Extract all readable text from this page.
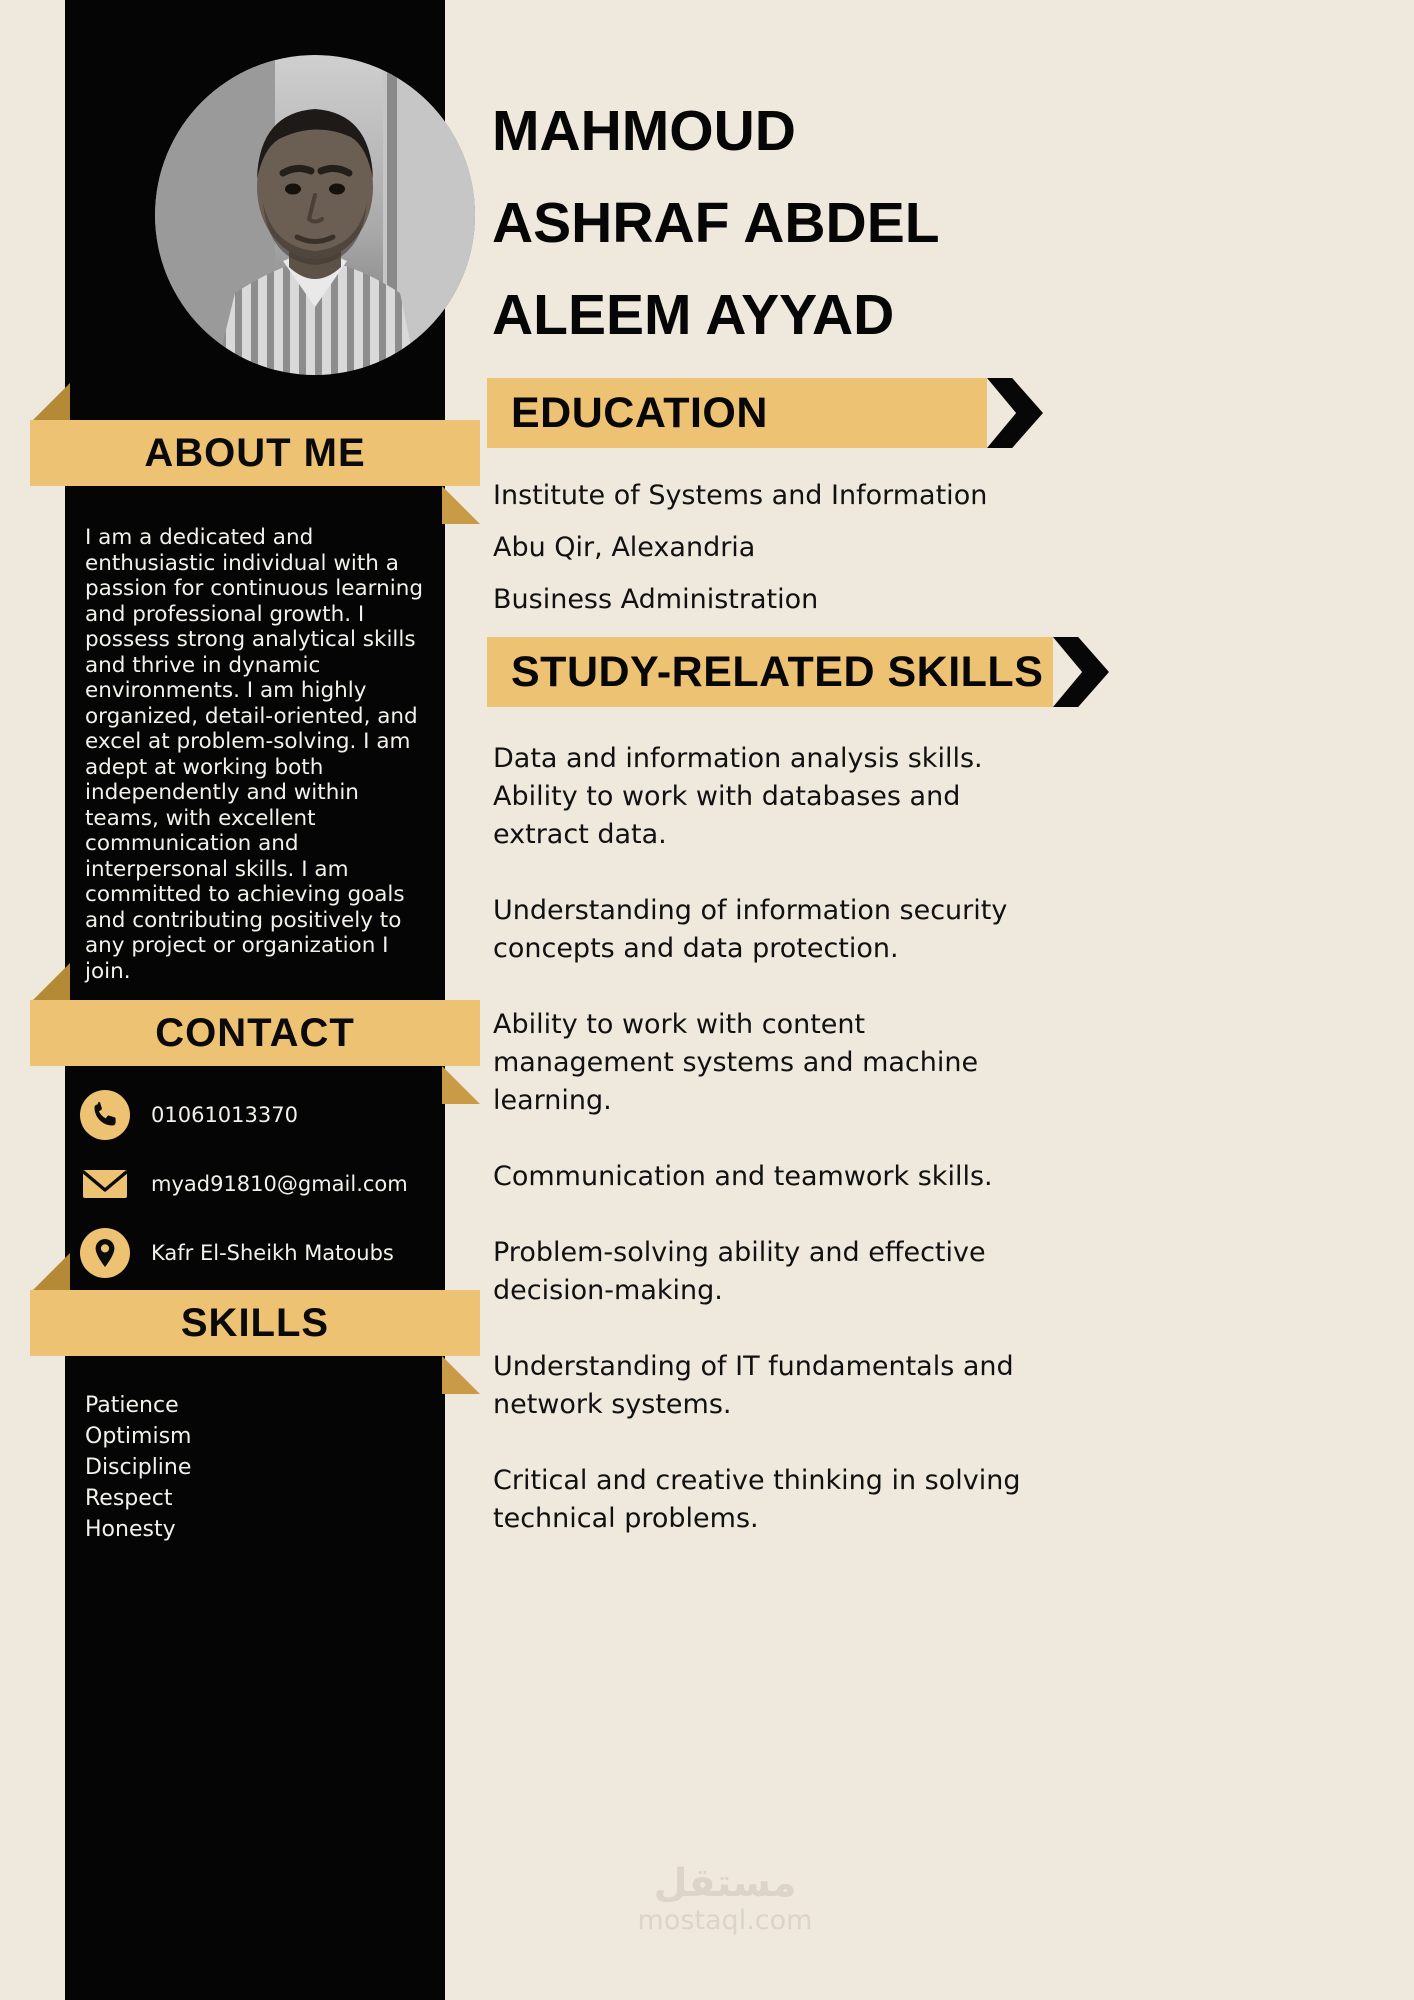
ABOUT ME

I am a dedicated and enthusiastic individual with a passion for continuous learning and professional growth. I possess strong analytical skills and thrive in dynamic environments. I am highly organized, detail-oriented, and excel at problem-solving. I am adept at working both independently and within teams, with excellent communication and interpersonal skills. I am committed to achieving goals and contributing positively to any project or organization I join.

CONTACT
01061013370
myad91810@gmail.com
Kafr El-Sheikh Matoubs
SKILLS
Patience
Optimism
Discipline
Respect
Honesty
MAHMOUD
ASHRAF ABDEL
ALEEM AYYAD
EDUCATION
Institute of Systems and Information
Abu Qir, Alexandria
Business Administration
STUDY-RELATED SKILLS
Data and information analysis skills. Ability to work with databases and extract data.
Understanding of information security concepts and data protection.
Ability to work with content management systems and machine learning.
Communication and teamwork skills.
Problem-solving ability and effective decision-making.
Understanding of IT fundamentals and network systems.
Critical and creative thinking in solving technical problems.
مستقل
mostaql.com
